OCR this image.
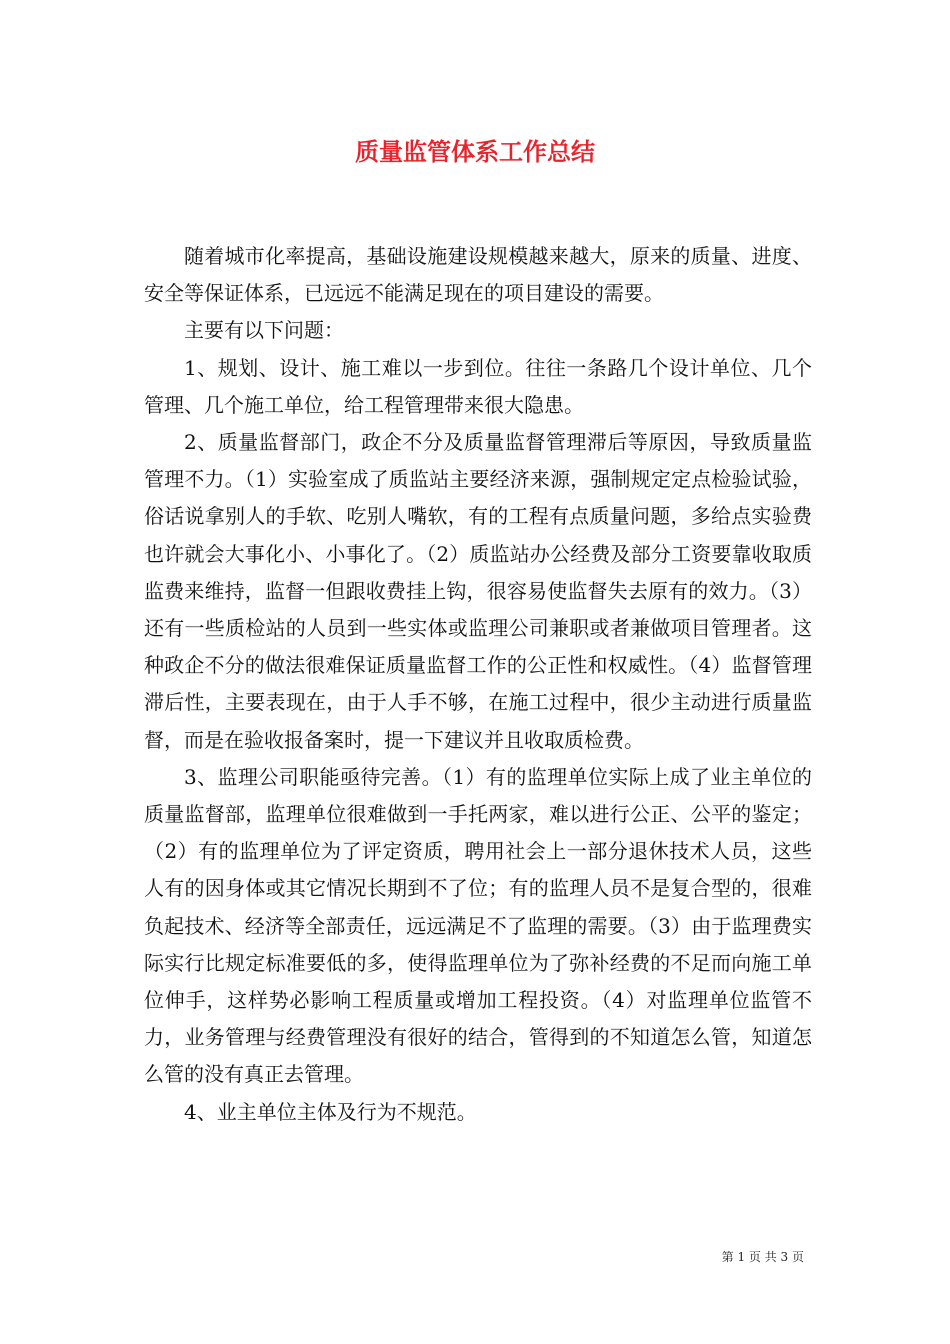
质量监管体系工作总结

随着城市化率提高，基础设施建设规模越来越大，原来的质量、进度、安全等保证体系，已远远不能满足现在的项目建设的需要。

主要有以下问题：

1、规划、设计、施工难以一步到位。往往一条路几个设计单位、几个管理、几个施工单位，给工程管理带来很大隐患。

2、质量监督部门，政企不分及质量监督管理滞后等原因，导致质量监管理不力。（1）实验室成了质监站主要经济来源，强制规定定点检验试验，俗话说拿别人的手软、吃别人嘴软，有的工程有点质量问题，多给点实验费也许就会大事化小、小事化了。（2）质监站办公经费及部分工资要靠收取质监费来维持，监督一但跟收费挂上钩，很容易使监督失去原有的效力。（3）还有一些质检站的人员到一些实体或监理公司兼职或者兼做项目管理者。这种政企不分的做法很难保证质量监督工作的公正性和权威性。（4）监督管理滞后性，主要表现在，由于人手不够，在施工过程中，很少主动进行质量监督，而是在验收报备案时，提一下建议并且收取质检费。

3、监理公司职能亟待完善。（1）有的监理单位实际上成了业主单位的质量监督部，监理单位很难做到一手托两家，难以进行公正、公平的鉴定；（2）有的监理单位为了评定资质，聘用社会上一部分退休技术人员，这些人有的因身体或其它情况长期到不了位；有的监理人员不是复合型的，很难负起技术、经济等全部责任，远远满足不了监理的需要。（3）由于监理费实际实行比规定标准要低的多，使得监理单位为了弥补经费的不足而向施工单位伸手，这样势必影响工程质量或增加工程投资。（4）对监理单位监管不力，业务管理与经费管理没有很好的结合，管得到的不知道怎么管，知道怎么管的没有真正去管理。

4、业主单位主体及行为不规范。

第 1 页 共 3 页
